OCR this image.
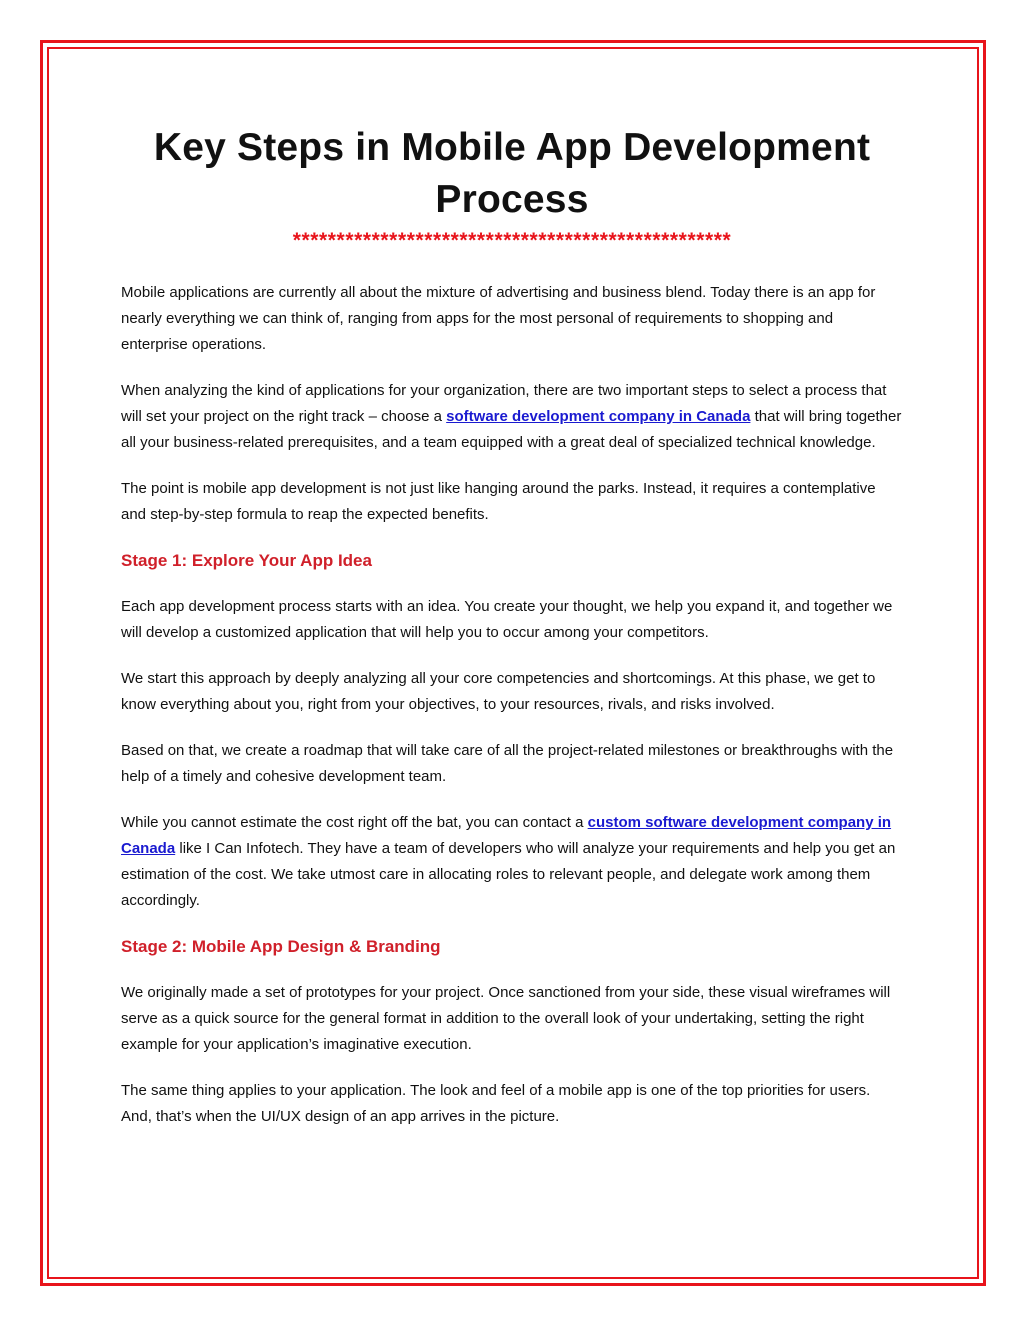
Key Steps in Mobile App Development Process
**************************************************

Mobile applications are currently all about the mixture of advertising and business blend. Today there is an app for nearly everything we can think of, ranging from apps for the most personal of requirements to shopping and enterprise operations.

When analyzing the kind of applications for your organization, there are two important steps to select a process that will set your project on the right track – choose a software development company in Canada that will bring together all your business-related prerequisites, and a team equipped with a great deal of specialized technical knowledge.

The point is mobile app development is not just like hanging around the parks. Instead, it requires a contemplative and step-by-step formula to reap the expected benefits.

Stage 1: Explore Your App Idea

Each app development process starts with an idea. You create your thought, we help you expand it, and together we will develop a customized application that will help you to occur among your competitors.

We start this approach by deeply analyzing all your core competencies and shortcomings. At this phase, we get to know everything about you, right from your objectives, to your resources, rivals, and risks involved.

Based on that, we create a roadmap that will take care of all the project-related milestones or breakthroughs with the help of a timely and cohesive development team.

While you cannot estimate the cost right off the bat, you can contact a custom software development company in Canada like I Can Infotech. They have a team of developers who will analyze your requirements and help you get an estimation of the cost. We take utmost care in allocating roles to relevant people, and delegate work among them accordingly.

Stage 2: Mobile App Design & Branding

We originally made a set of prototypes for your project. Once sanctioned from your side, these visual wireframes will serve as a quick source for the general format in addition to the overall look of your undertaking, setting the right example for your application’s imaginative execution.

The same thing applies to your application. The look and feel of a mobile app is one of the top priorities for users. And, that’s when the UI/UX design of an app arrives in the picture.
